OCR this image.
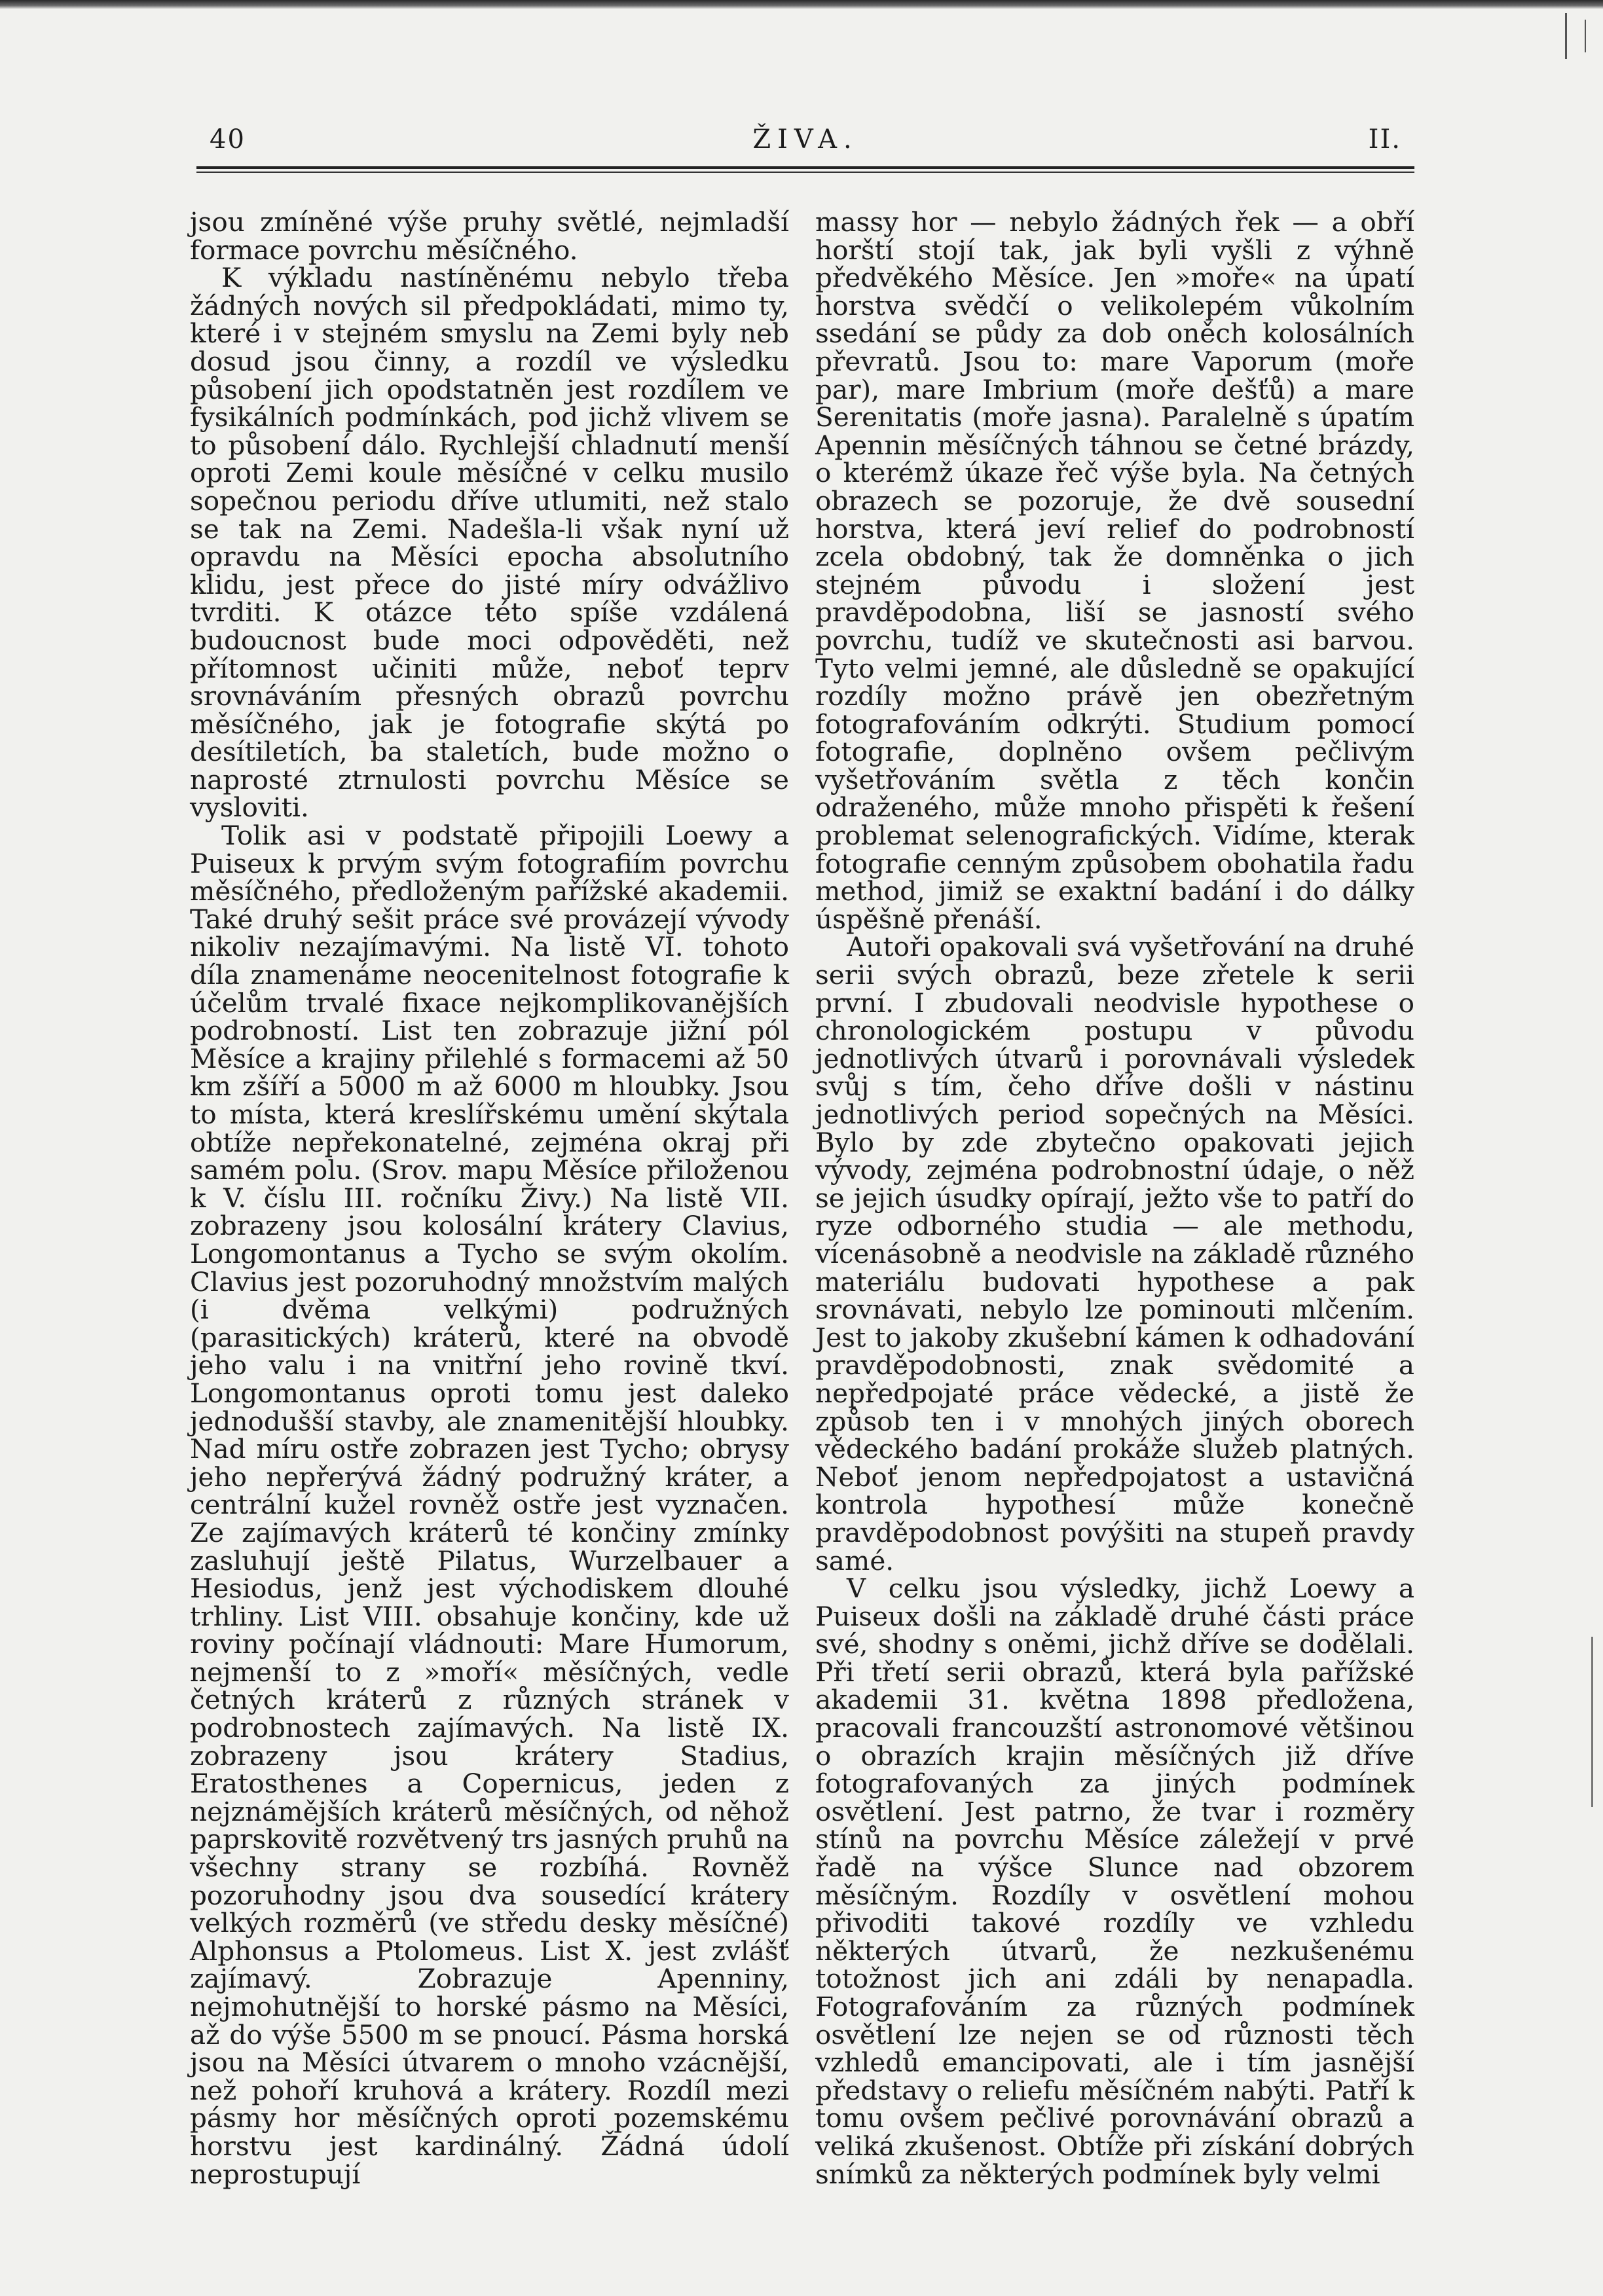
40	ŽIVA.	II.

jsou zmíněné výše pruhy světlé, nejmladší formace povrchu měsíčného.

K výkladu nastíněnému nebylo třeba žádných nových sil předpokládati, mimo ty, které i v stejném smyslu na Zemi byly neb dosud jsou činny, a rozdíl ve výsledku působení jich opodstatněn jest rozdílem ve fysikálních podmínkách, pod jichž vlivem se to působení dálo. Rychlejší chladnutí menší oproti Zemi koule měsíčné v celku musilo sopečnou periodu dříve utlumiti, než stalo se tak na Zemi. Nadešla-li však nyní už opravdu na Měsíci epocha absolutního klidu, jest přece do jisté míry odvážlivo tvrditi. K otázce této spíše vzdálená budoucnost bude moci odpověděti, než přítomnost učiniti může, neboť teprv srovnáváním přesných obrazů povrchu měsíčného, jak je fotografie skýtá po desítiletích, ba staletích, bude možno o naprosté ztrnulosti povrchu Měsíce se vysloviti.

Tolik asi v podstatě připojili Loewy a Puiseux k prvým svým fotografiím povrchu měsíčného, předloženým pařížské akademii. Také druhý sešit práce své provázejí vývody nikoliv nezajímavými. Na listě VI. tohoto díla znamenáme neocenitelnost fotografie k účelům trvalé fixace nejkomplikovanějších podrobností. List ten zobrazuje jižní pól Měsíce a krajiny přilehlé s formacemi až 50 km zšíří a 5000 m až 6000 m hloubky. Jsou to místa, která kreslířskému umění skýtala obtíže nepřekonatelné, zejména okraj při samém polu. (Srov. mapu Měsíce přiloženou k V. číslu III. ročníku Živy.) Na listě VII. zobrazeny jsou kolosální krátery Clavius, Longomontanus a Tycho se svým okolím. Clavius jest pozoruhodný množstvím malých (i dvěma velkými) podružných (parasitických) kráterů, které na obvodě jeho valu i na vnitřní jeho rovině tkví. Longomontanus oproti tomu jest daleko jednodušší stavby, ale znamenitější hloubky. Nad míru ostře zobrazen jest Tycho; obrysy jeho nepřerývá žádný podružný kráter, a centrální kužel rovněž ostře jest vyznačen. Ze zajímavých kráterů té končiny zmínky zasluhují ještě Pilatus, Wurzelbauer a Hesiodus, jenž jest východiskem dlouhé trhliny. List VIII. obsahuje končiny, kde už roviny počínají vládnouti: Mare Humorum, nejmenší to z »moří« měsíčných, vedle četných kráterů z různých stránek v podrobnostech zajímavých. Na listě IX. zobrazeny jsou krátery Stadius, Eratosthenes a Copernicus, jeden z nejznámějších kráterů měsíčných, od něhož paprskovitě rozvětvený trs jasných pruhů na všechny strany se rozbíhá. Rovněž pozoruhodny jsou dva sousedící krátery velkých rozměrů (ve středu desky měsíčné) Alphonsus a Ptolomeus. List X. jest zvlášť zajímavý. Zobrazuje Apenniny, nejmohutnější to horské pásmo na Měsíci, až do výše 5500 m se pnoucí. Pásma horská jsou na Měsíci útvarem o mnoho vzácnější, než pohoří kruhová a krátery. Rozdíl mezi pásmy hor měsíčných oproti pozemskému horstvu jest kardinálný. Žádná údolí neprostupují

massy hor — nebylo žádných řek — a obří horští stojí tak, jak byli vyšli z výhně předvěkého Měsíce. Jen »moře« na úpatí horstva svědčí o velikolepém vůkolním ssedání se půdy za dob oněch kolosálních převratů. Jsou to: mare Vaporum (moře par), mare Imbrium (moře dešťů) a mare Serenitatis (moře jasna). Paralelně s úpatím Apennin měsíčných táhnou se četné brázdy, o kterémž úkaze řeč výše byla. Na četných obrazech se pozoruje, že dvě sousední horstva, která jeví relief do podrobností zcela obdobný, tak že domněnka o jich stejném původu i složení jest pravděpodobna, liší se jasností svého povrchu, tudíž ve skutečnosti asi barvou. Tyto velmi jemné, ale důsledně se opakující rozdíly možno právě jen obezřetným fotografováním odkrýti. Studium pomocí fotografie, doplněno ovšem pečlivým vyšetřováním světla z těch končin odraženého, může mnoho přispěti k řešení problemat selenografických. Vidíme, kterak fotografie cenným způsobem obohatila řadu method, jimiž se exaktní badání i do dálky úspěšně přenáší.

Autoři opakovali svá vyšetřování na druhé serii svých obrazů, beze zřetele k serii první. I zbudovali neodvisle hypothese o chronologickém postupu v původu jednotlivých útvarů i porovnávali výsledek svůj s tím, čeho dříve došli v nástinu jednotlivých period sopečných na Měsíci. Bylo by zde zbytečno opakovati jejich vývody, zejména podrobnostní údaje, o něž se jejich úsudky opírají, ježto vše to patří do ryze odborného studia — ale methodu, vícenásobně a neodvisle na základě různého materiálu budovati hypothese a pak srovnávati, nebylo lze pominouti mlčením. Jest to jakoby zkušební kámen k odhadování pravděpodobnosti, znak svědomité a nepředpojaté práce vědecké, a jistě že způsob ten i v mnohých jiných oborech vědeckého badání prokáže služeb platných. Neboť jenom nepředpojatost a ustavičná kontrola hypothesí může konečně pravděpodobnost povýšiti na stupeň pravdy samé.

V celku jsou výsledky, jichž Loewy a Puiseux došli na základě druhé části práce své, shodny s oněmi, jichž dříve se dodělali. Při třetí serii obrazů, která byla pařížské akademii 31. května 1898 předložena, pracovali francouzští astronomové většinou o obrazích krajin měsíčných již dříve fotografovaných za jiných podmínek osvětlení. Jest patrno, že tvar i rozměry stínů na povrchu Měsíce záležejí v prvé řadě na výšce Slunce nad obzorem měsíčným. Rozdíly v osvětlení mohou přivoditi takové rozdíly ve vzhledu některých útvarů, že nezkušenému totožnost jich ani zdáli by nenapadla. Fotografováním za různých podmínek osvětlení lze nejen se od různosti těch vzhledů emancipovati, ale i tím jasnější představy o reliefu měsíčném nabýti. Patří k tomu ovšem pečlivé porovnávání obrazů a veliká zkušenost. Obtíže při získání dobrých snímků za některých podmínek byly velmi
